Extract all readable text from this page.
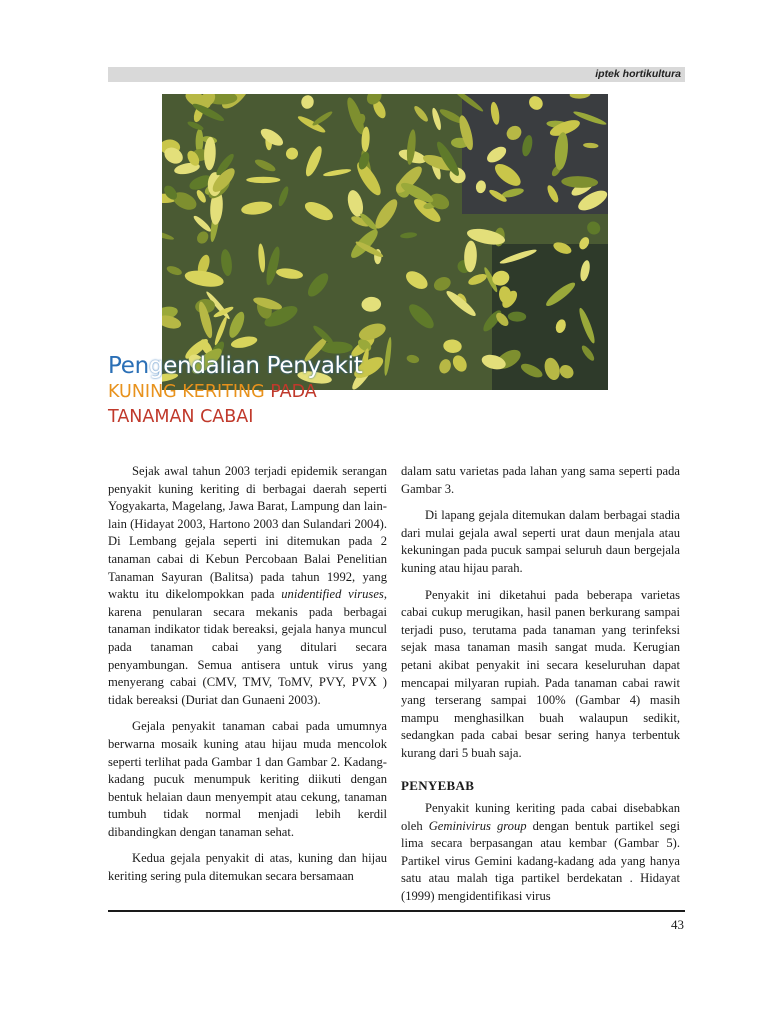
iptek hortikultura
Pengendalian Penyakit
KUNING KERITING PADA
TANAMAN CABAI

Sejak awal tahun 2003 terjadi epidemik serangan penyakit kuning keriting di berbagai daerah seperti Yogyakarta, Magelang, Jawa Barat, Lampung dan lain-lain (Hidayat 2003, Hartono 2003 dan Sulandari 2004). Di Lembang gejala seperti ini ditemukan pada 2 tanaman cabai di Kebun Percobaan Balai Penelitian Tanaman Sayuran (Balitsa) pada tahun 1992, yang waktu itu dikelompokkan pada unidentified viruses, karena penularan secara mekanis pada berbagai tanaman indikator tidak bereaksi, gejala hanya muncul pada tanaman cabai yang ditulari secara penyambungan. Semua antisera untuk virus yang menyerang cabai (CMV, TMV, ToMV, PVY, PVX ) tidak bereaksi (Duriat dan Gunaeni 2003).

Gejala penyakit tanaman cabai pada umumnya berwarna mosaik kuning atau hijau muda mencolok seperti terlihat pada Gambar 1 dan Gambar 2. Kadang-kadang pucuk menumpuk keriting diikuti dengan bentuk helaian daun menyempit atau cekung, tanaman tumbuh tidak normal menjadi lebih kerdil dibandingkan dengan tanaman sehat.

Kedua gejala penyakit di atas, kuning dan hijau keriting sering pula ditemukan secara bersamaan

dalam satu varietas pada lahan yang sama seperti pada Gambar 3.

Di lapang gejala ditemukan dalam berbagai stadia dari mulai gejala awal seperti urat daun menjala atau kekuningan pada pucuk sampai seluruh daun bergejala kuning atau hijau parah.

Penyakit ini diketahui pada beberapa varietas cabai cukup merugikan, hasil panen berkurang sampai terjadi puso, terutama pada tanaman yang terinfeksi sejak masa tanaman masih sangat muda. Kerugian petani akibat penyakit ini secara keseluruhan dapat mencapai milyaran rupiah. Pada tanaman cabai rawit yang terserang sampai 100% (Gambar 4) masih mampu menghasilkan buah walaupun sedikit, sedangkan pada cabai besar sering hanya terbentuk kurang dari 5 buah saja.

PENYEBAB

Penyakit kuning keriting pada cabai disebabkan oleh Geminivirus group dengan bentuk partikel segi lima secara berpasangan atau kembar (Gambar 5). Partikel virus Gemini kadang-kadang ada yang hanya satu atau malah tiga partikel berdekatan . Hidayat (1999) mengidentifikasi virus

43
